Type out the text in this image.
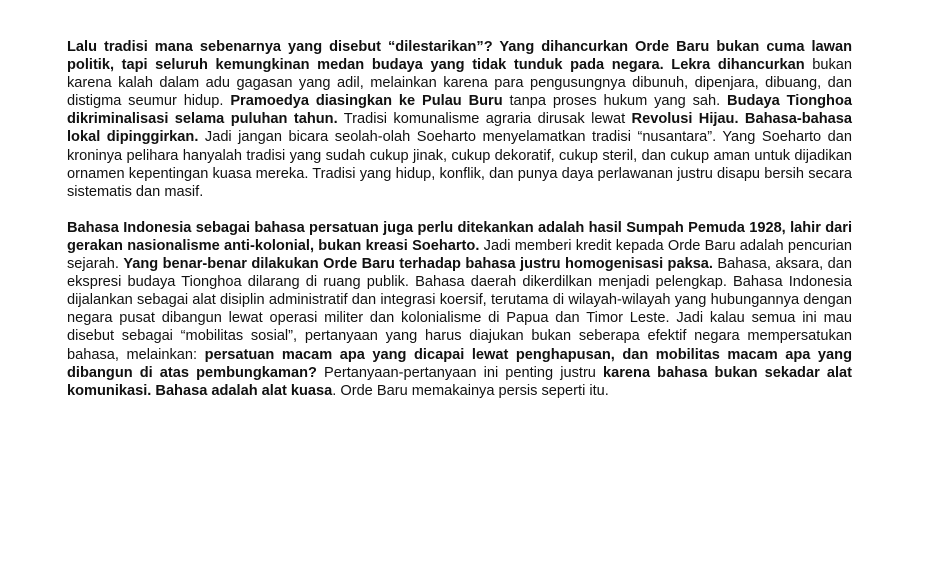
Lalu tradisi mana sebenarnya yang disebut “dilestarikan”? Yang dihancurkan Orde Baru bukan cuma lawan politik, tapi seluruh kemungkinan medan budaya yang tidak tunduk pada negara. Lekra dihancurkan bukan karena kalah dalam adu gagasan yang adil, melainkan karena para pengusungnya dibunuh, dipenjara, dibuang, dan distigma seumur hidup. Pramoedya diasingkan ke Pulau Buru tanpa proses hukum yang sah. Budaya Tionghoa dikriminalisasi selama puluhan tahun. Tradisi komunalisme agraria dirusak lewat Revolusi Hijau. Bahasa-bahasa lokal dipinggirkan. Jadi jangan bicara seolah-olah Soeharto menyelamatkan tradisi “nusantara”. Yang Soeharto dan kroninya pelihara hanyalah tradisi yang sudah cukup jinak, cukup dekoratif, cukup steril, dan cukup aman untuk dijadikan ornamen kepentingan kuasa mereka. Tradisi yang hidup, konflik, dan punya daya perlawanan justru disapu bersih secara sistematis dan masif.

Bahasa Indonesia sebagai bahasa persatuan juga perlu ditekankan adalah hasil Sumpah Pemuda 1928, lahir dari gerakan nasionalisme anti-kolonial, bukan kreasi Soeharto. Jadi memberi kredit kepada Orde Baru adalah pencurian sejarah. Yang benar-benar dilakukan Orde Baru terhadap bahasa justru homogenisasi paksa. Bahasa, aksara, dan ekspresi budaya Tionghoa dilarang di ruang publik. Bahasa daerah dikerdilkan menjadi pelengkap. Bahasa Indonesia dijalankan sebagai alat disiplin administratif dan integrasi koersif, terutama di wilayah-wilayah yang hubungannya dengan negara pusat dibangun lewat operasi militer dan kolonialisme di Papua dan Timor Leste. Jadi kalau semua ini mau disebut sebagai “mobilitas sosial”, pertanyaan yang harus diajukan bukan seberapa efektif negara mempersatukan bahasa, melainkan: persatuan macam apa yang dicapai lewat penghapusan, dan mobilitas macam apa yang dibangun di atas pembungkaman? Pertanyaan-pertanyaan ini penting justru karena bahasa bukan sekadar alat komunikasi. Bahasa adalah alat kuasa. Orde Baru memakainya persis seperti itu.
